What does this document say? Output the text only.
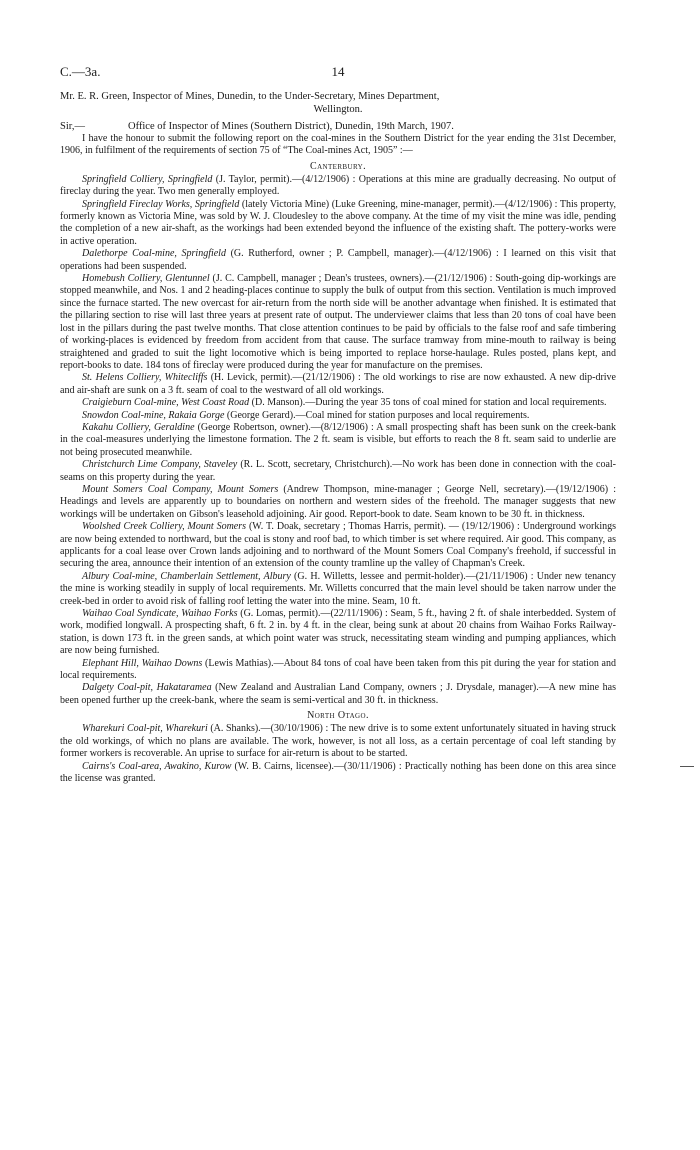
C.—3a.	14
Mr. E. R. Green, Inspector of Mines, Dunedin, to the Under-Secretary, Mines Department,
Wellington.
Sir,—	Office of Inspector of Mines (Southern District), Dunedin, 19th March, 1907.

I have the honour to submit the following report on the coal-mines in the Southern District for the year ending the 31st December, 1906, in fulfilment of the requirements of section 75 of “The Coal-mines Act, 1905” :—

Canterbury.

Springfield Colliery, Springfield (J. Taylor, permit).—(4/12/1906) : Operations at this mine are gradually decreasing. No output of fireclay during the year. Two men generally employed.

Springfield Fireclay Works, Springfield (lately Victoria Mine) (Luke Greening, mine-manager, permit).—(4/12/1906) : This property, formerly known as Victoria Mine, was sold by W. J. Cloudesley to the above company. At the time of my visit the mine was idle, pending the completion of a new air-shaft, as the workings had been extended beyond the influence of the existing shaft. The pottery-works were in active operation.

Dalethorpe Coal-mine, Springfield (G. Rutherford, owner ; P. Campbell, manager).—(4/12/1906) : I learned on this visit that operations had been suspended.

Homebush Colliery, Glentunnel (J. C. Campbell, manager ; Dean's trustees, owners).—(21/12/1906) : South-going dip-workings are stopped meanwhile, and Nos. 1 and 2 heading-places continue to supply the bulk of output from this section. Ventilation is much improved since the furnace started. The new overcast for air-return from the north side will be another advantage when finished. It is estimated that the pillaring section to rise will last three years at present rate of output. The underviewer claims that less than 20 tons of coal have been lost in the pillars during the past twelve months. That close attention continues to be paid by officials to the false roof and safe timbering of working-places is evidenced by freedom from accident from that cause. The surface tramway from mine-mouth to railway is being straightened and graded to suit the light locomotive which is being imported to replace horse-haulage. Rules posted, plans kept, and report-books to date. 184 tons of fireclay were produced during the year for manufacture on the premises.

St. Helens Colliery, Whitecliffs (H. Levick, permit).—(21/12/1906) : The old workings to rise are now exhausted. A new dip-drive and air-shaft are sunk on a 3 ft. seam of coal to the westward of all old workings.

Craigieburn Coal-mine, West Coast Road (D. Manson).—During the year 35 tons of coal mined for station and local requirements.

Snowdon Coal-mine, Rakaia Gorge (George Gerard).—Coal mined for station purposes and local requirements.

Kakahu Colliery, Geraldine (George Robertson, owner).—(8/12/1906) : A small prospecting shaft has been sunk on the creek-bank in the coal-measures underlying the limestone formation. The 2 ft. seam is visible, but efforts to reach the 8 ft. seam said to underlie are not being prosecuted meanwhile.

Christchurch Lime Company, Staveley (R. L. Scott, secretary, Christchurch).—No work has been done in connection with the coal-seams on this property during the year.

Mount Somers Coal Company, Mount Somers (Andrew Thompson, mine-manager ; George Nell, secretary).—(19/12/1906) : Headings and levels are apparently up to boundaries on northern and western sides of the freehold. The manager suggests that new workings will be undertaken on Gibson's leasehold adjoining. Air good. Report-book to date. Seam known to be 30 ft. in thickness.

Woolshed Creek Colliery, Mount Somers (W. T. Doak, secretary ; Thomas Harris, permit). — (19/12/1906) : Underground workings are now being extended to northward, but the coal is stony and roof bad, to which timber is set where required. Air good. This company, as applicants for a coal lease over Crown lands adjoining and to northward of the Mount Somers Coal Company's freehold, if successful in securing the area, announce their intention of an extension of the county tramline up the valley of Chapman's Creek.

Albury Coal-mine, Chamberlain Settlement, Albury (G. H. Willetts, lessee and permit-holder).—(21/11/1906) : Under new tenancy the mine is working steadily in supply of local requirements. Mr. Willetts concurred that the main level should be taken narrow under the creek-bed in order to avoid risk of falling roof letting the water into the mine. Seam, 10 ft.

Waihao Coal Syndicate, Waihao Forks (G. Lomas, permit).—(22/11/1906) : Seam, 5 ft., having 2 ft. of shale interbedded. System of work, modified longwall. A prospecting shaft, 6 ft. 2 in. by 4 ft. in the clear, being sunk at about 20 chains from Waihao Forks Railway-station, is down 173 ft. in the green sands, at which point water was struck, necessitating steam winding and pumping appliances, which are now being furnished.

Elephant Hill, Waihao Downs (Lewis Mathias).—About 84 tons of coal have been taken from this pit during the year for station and local requirements.

Dalgety Coal-pit, Hakataramea (New Zealand and Australian Land Company, owners ; J. Drysdale, manager).—A new mine has been opened further up the creek-bank, where the seam is semi-vertical and 30 ft. in thickness.

North Otago.

Wharekuri Coal-pit, Wharekuri (A. Shanks).—(30/10/1906) : The new drive is to some extent unfortunately situated in having struck the old workings, of which no plans are available. The work, however, is not all loss, as a certain percentage of coal left standing by former workers is recoverable. An uprise to surface for air-return is about to be started.

Cairns's Coal-area, Awakino, Kurow (W. B. Cairns, licensee).—(30/11/1906) : Practically nothing has been done on this area since the license was granted.
